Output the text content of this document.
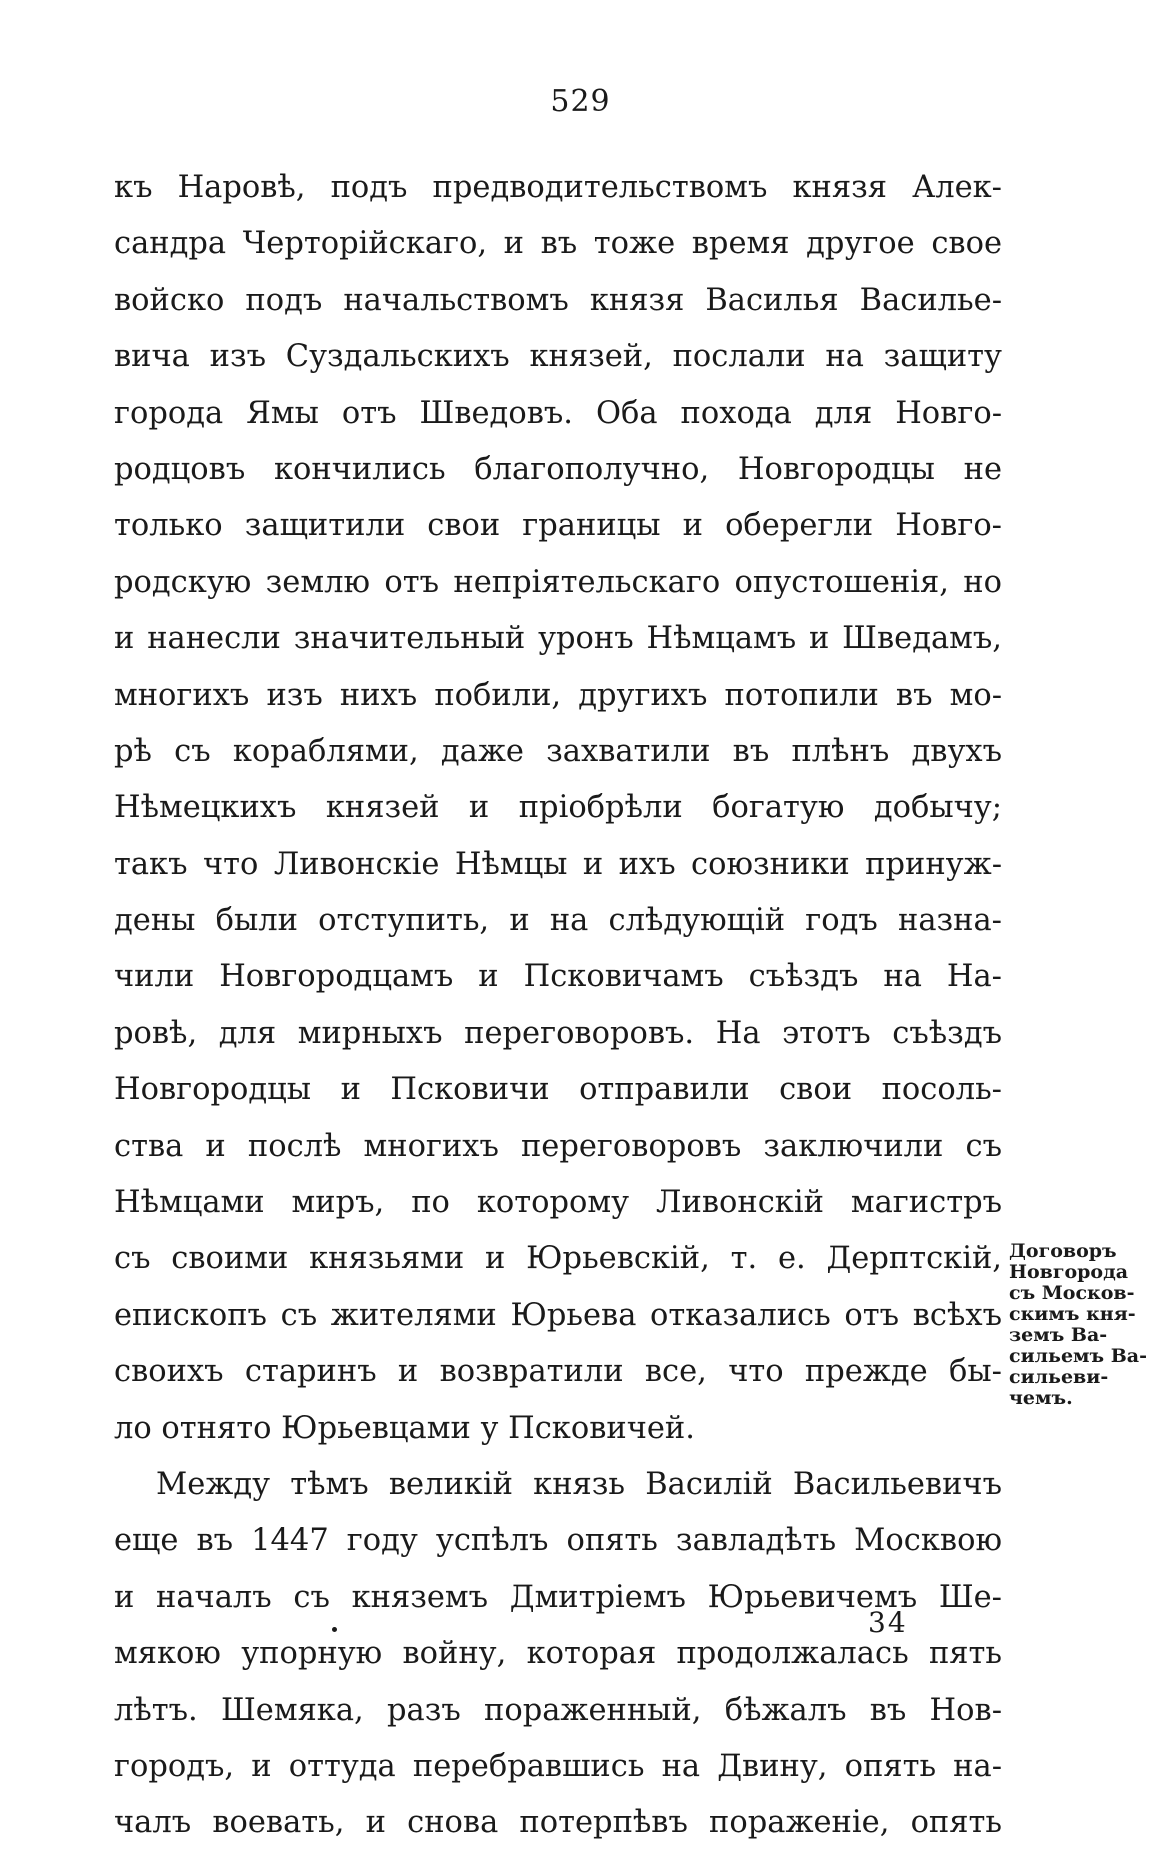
529
къ Наровѣ, подъ предводительствомъ князя Алек-
сандра Черторійскаго, и въ тоже время другое свое
войско подъ начальствомъ князя Василья Василье-
вича изъ Суздальскихъ князей, послали на защиту
города Ямы отъ Шведовъ. Оба похода для Новго-
родцовъ кончились благополучно, Новгородцы не
только защитили свои границы и оберегли Новго-
родскую землю отъ непріятельскаго опустошенія, но
и нанесли значительный уронъ Нѣмцамъ и Шведамъ,
многихъ изъ нихъ побили, другихъ потопили въ мо-
рѣ съ кораблями, даже захватили въ плѣнъ двухъ
Нѣмецкихъ князей и пріобрѣли богатую добычу;
такъ что Ливонскіе Нѣмцы и ихъ союзники принуж-
дены были отступить, и на слѣдующій годъ назна-
чили Новгородцамъ и Псковичамъ съѣздъ на На-
ровѣ, для мирныхъ переговоровъ. На этотъ съѣздъ
Новгородцы и Псковичи отправили свои посоль-
ства и послѣ многихъ переговоровъ заключили съ
Нѣмцами миръ, по которому Ливонскій магистръ
съ своими князьями и Юрьевскій, т. е. Дерптскій,
епископъ съ жителями Юрьева отказались отъ всѣхъ
своихъ старинъ и возвратили все, что прежде бы-
ло отнято Юрьевцами у Псковичей.
Между тѣмъ великій князь Василій Васильевичъ
еще въ 1447 году успѣлъ опять завладѣть Москвою
и началъ съ княземъ Дмитріемъ Юрьевичемъ Ше-
мякою упорную войну, которая продолжалась пять
лѣтъ. Шемяка, разъ пораженный, бѣжалъ въ Нов-
городъ, и оттуда перебравшись на Двину, опять на-
чалъ воевать, и снова потерпѣвъ пораженіе, опять
Договоръ
Новгорода
съ Москов-
скимъ кня-
земъ Ва-
сильемъ Ва-
сильеви-
чемъ.
34
